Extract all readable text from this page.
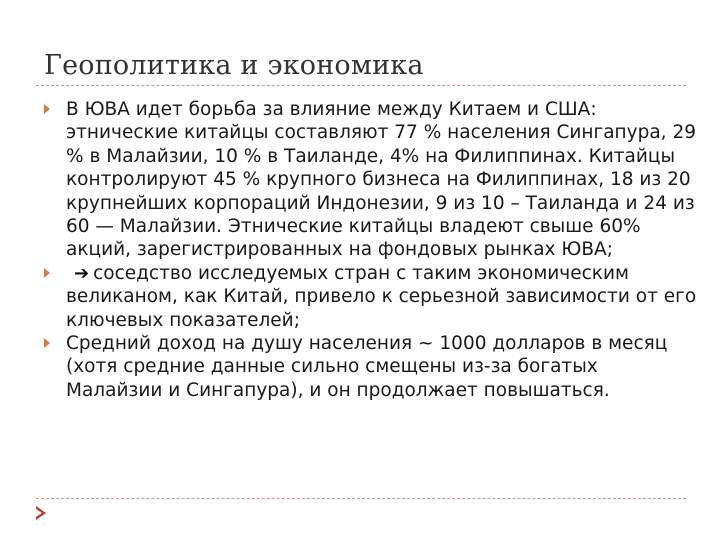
Геополитика и экономика
В ЮВА идет борьба за влияние между Китаем и США: этнические китайцы составляют 77 % населения Сингапура, 29 % в Малайзии, 10 % в Таиланде, 4% на Филиппинах. Китайцы контролируют 45 % крупного бизнеса на Филиппинах, 18 из 20 крупнейших корпораций Индонезии, 9 из 10 – Таиланда и 24 из 60 — Малайзии. Этнические китайцы владеют свыше 60% акций, зарегистрированных на фондовых рынках ЮВА;
➔ соседство исследуемых стран с таким экономическим великаном, как Китай, привело к серьезной зависимости от его ключевых показателей;
Средний доход на душу населения ~ 1000 долларов в месяц (хотя средние данные сильно смещены из-за богатых Малайзии и Сингапура), и он продолжает повышаться.
